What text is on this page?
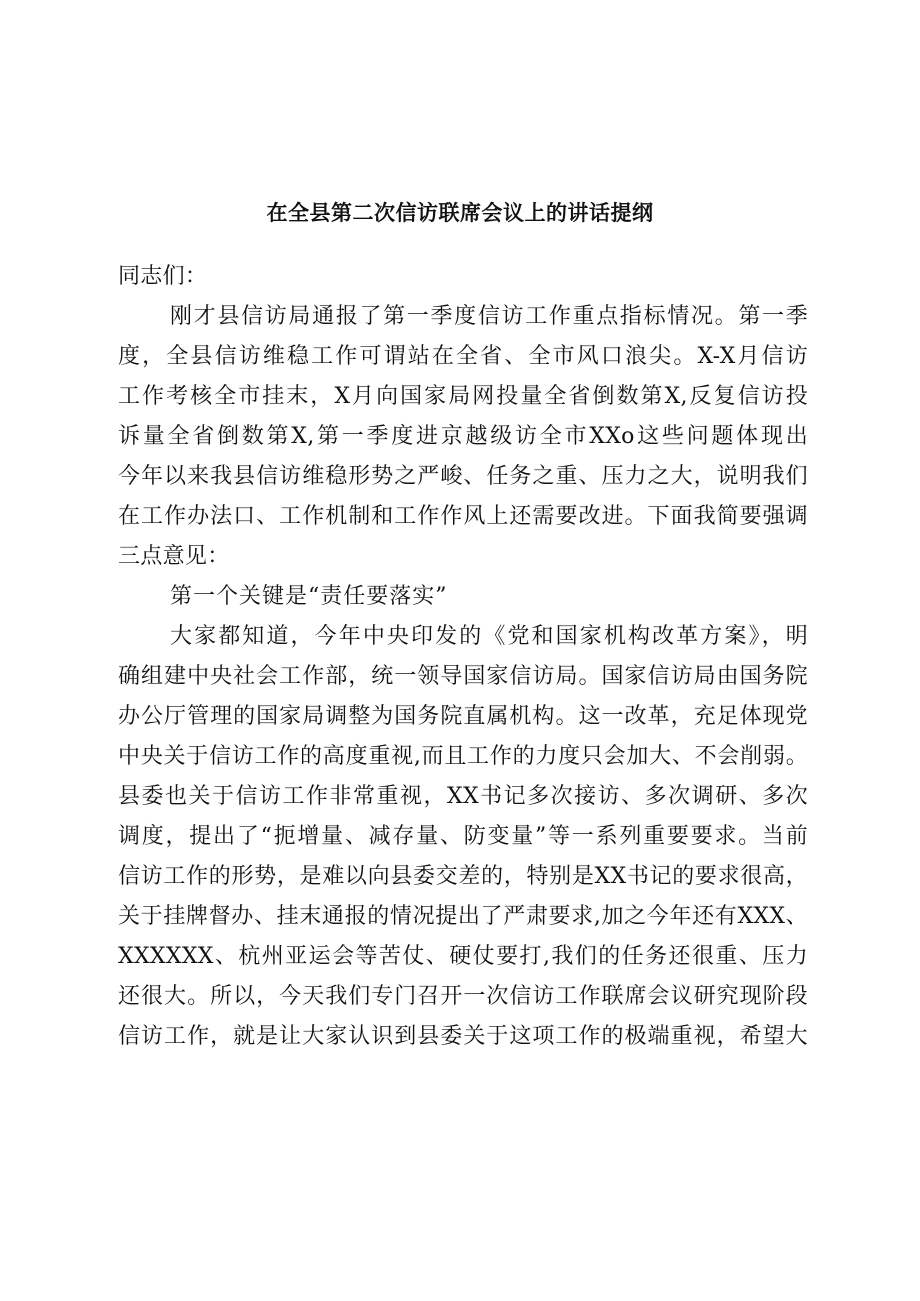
在全县第二次信访联席会议上的讲话提纲
同志们：
刚才县信访局通报了第一季度信访工作重点指标情况。第一季
度，全县信访维稳工作可谓站在全省、全市风口浪尖。X-X月信访
工作考核全市挂末，X月向国家局网投量全省倒数第X,反复信访投
诉量全省倒数第X,第一季度进京越级访全市XXo这些问题体现出
今年以来我县信访维稳形势之严峻、任务之重、压力之大，说明我们
在工作办法口、工作机制和工作作风上还需要改进。下面我简要强调
三点意见：
第一个关键是“责任要落实”
大家都知道，今年中央印发的《党和国家机构改革方案》，明
确组建中央社会工作部，统一领导国家信访局。国家信访局由国务院
办公厅管理的国家局调整为国务院直属机构。这一改革，充足体现党
中央关于信访工作的高度重视,而且工作的力度只会加大、不会削弱。
县委也关于信访工作非常重视，XX书记多次接访、多次调研、多次
调度，提出了“扼增量、减存量、防变量”等一系列重要要求。当前
信访工作的形势，是难以向县委交差的，特别是XX书记的要求很高，
关于挂牌督办、挂末通报的情况提出了严肃要求,加之今年还有XXX、
XXXXXX、杭州亚运会等苦仗、硬仗要打,我们的任务还很重、压力
还很大。所以，今天我们专门召开一次信访工作联席会议研究现阶段
信访工作，就是让大家认识到县委关于这项工作的极端重视，希望大
